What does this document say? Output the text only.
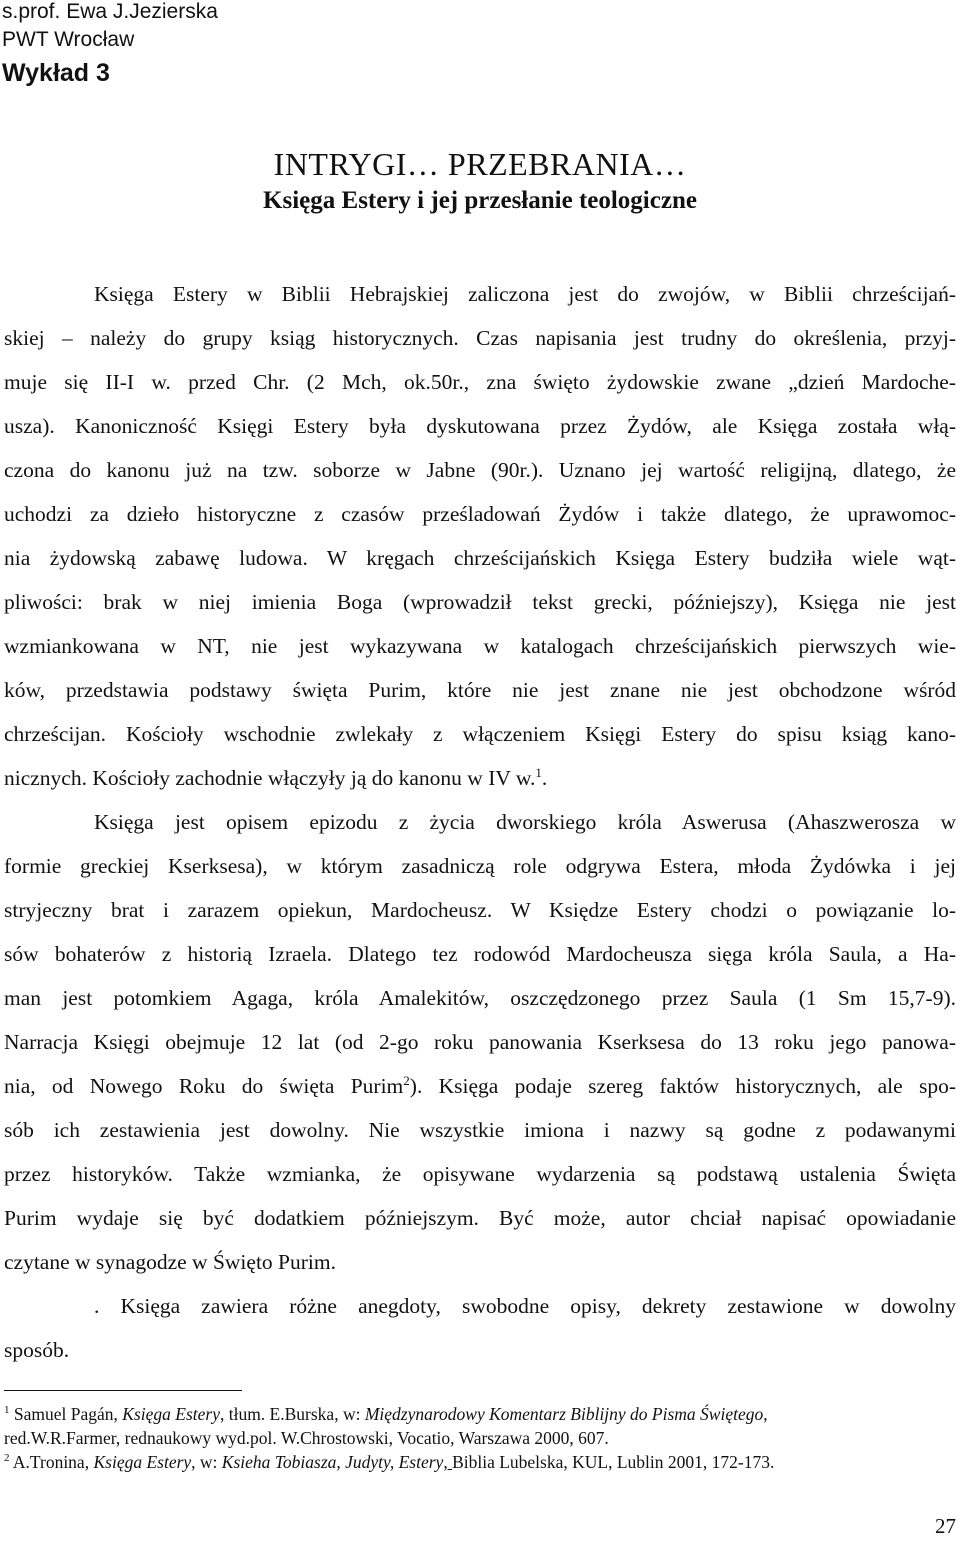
s.prof. Ewa J.Jezierska
PWT Wrocław
Wykład 3
INTRYGI… PRZEBRANIA…
Księga Estery i jej przesłanie teologiczne
Księga Estery w Biblii Hebrajskiej zaliczona jest do zwojów, w Biblii chrześcijań-
skiej – należy do grupy ksiąg historycznych. Czas napisania jest trudny do określenia, przyj-
muje się II-I w. przed Chr. (2 Mch, ok.50r., zna święto żydowskie zwane „dzień Mardoche-
usza). Kanoniczność Księgi Estery była dyskutowana przez Żydów, ale Księga została włą-
czona do kanonu już na tzw. soborze w Jabne (90r.). Uznano jej wartość religijną, dlatego, że
uchodzi za dzieło historyczne z czasów prześladowań Żydów i także dlatego, że uprawomoc-
nia żydowską zabawę ludowa. W kręgach chrześcijańskich Księga Estery budziła wiele wąt-
pliwości: brak w niej imienia Boga (wprowadził tekst grecki, późniejszy), Księga nie jest
wzmiankowana w NT, nie jest wykazywana w katalogach chrześcijańskich pierwszych wie-
ków, przedstawia podstawy święta Purim, które nie jest znane nie jest obchodzone wśród
chrześcijan. Kościoły wschodnie zwlekały z włączeniem Księgi Estery do spisu ksiąg kano-
nicznych. Kościoły zachodnie włączyły ją do kanonu w IV w.$^1$.
Księga jest opisem epizodu z życia dworskiego króla Aswerusa (Ahaszwerosza w
formie greckiej Kserksesa), w którym zasadniczą role odgrywa Estera, młoda Żydówka i jej
stryjeczny brat i zarazem opiekun, Mardocheusz. W Księdze Estery chodzi o powiązanie lo-
sów bohaterów z historią Izraela. Dlatego tez rodowód Mardocheusza sięga króla Saula, a Ha-
man jest potomkiem Agaga, króla Amalekitów, oszczędzonego przez Saula (1 Sm 15,7-9).
Narracja Księgi obejmuje 12 lat (od 2-go roku panowania Kserksesa do 13 roku jego panowa-
nia, od Nowego Roku do święta Purim$^2$). Księga podaje szereg faktów historycznych, ale spo-
sób ich zestawienia jest dowolny. Nie wszystkie imiona i nazwy są godne z podawanymi
przez historyków. Także wzmianka, że opisywane wydarzenia są podstawą ustalenia Święta
Purim wydaje się być dodatkiem późniejszym. Być może, autor chciał napisać opowiadanie
czytane w synagodze w Święto Purim.
. Księga zawiera różne anegdoty, swobodne opisy, dekrety zestawione w dowolny
sposób.
$^1$ Samuel Pagán, Księga Estery, tłum. E.Burska, w: Międzynarodowy Komentarz Biblijny do Pisma Świętego,
red.W.R.Farmer, rednaukowy wyd.pol. W.Chrostowski, Vocatio, Warszawa 2000, 607.
$^2$ A.Tronina, Księga Estery, w: Ksieha Tobiasza, Judyty, Estery, Biblia Lubelska, KUL, Lublin 2001, 172-173.
27
